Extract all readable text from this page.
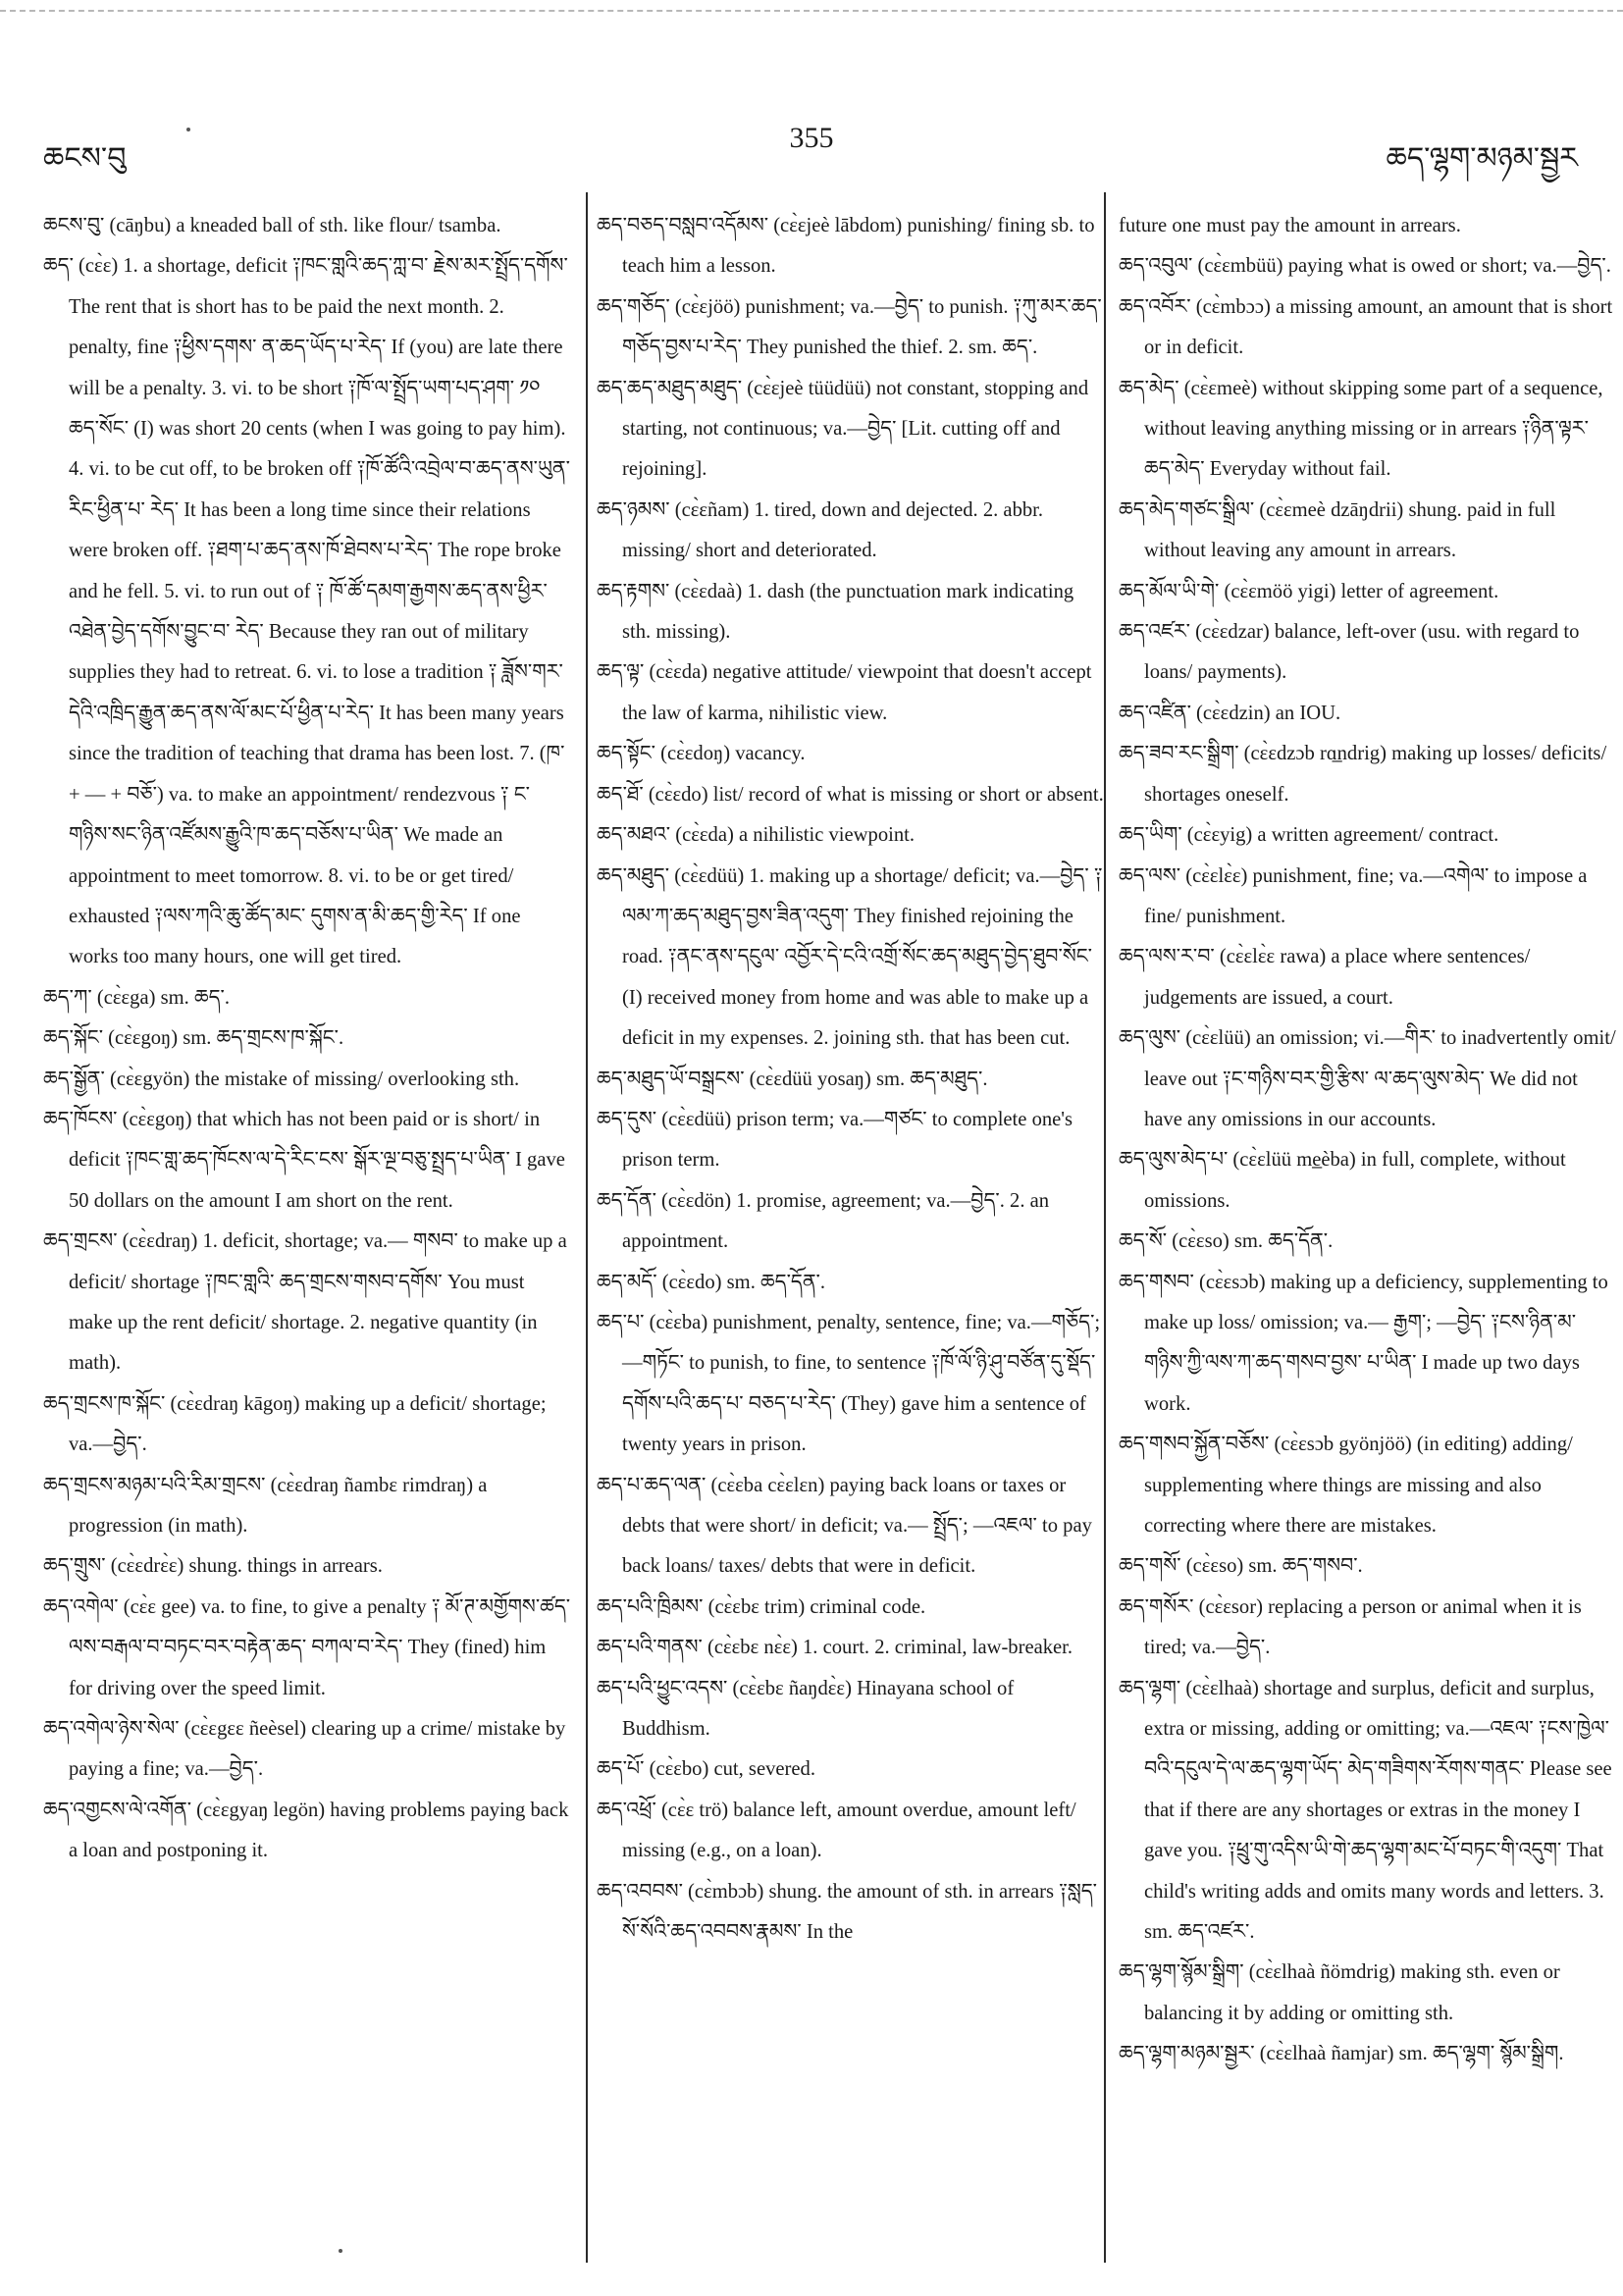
ཆངས་བུ
355
ཆད་ལྷག་མཉམ་སྦྱར

ཆངས་བུ་ (cāŋbu) a kneaded ball of sth. like flour/ tsamba.

ཆད་ (cɛ̀ɛ) 1. a shortage, deficit ༑ཁང་གླའི་ཆད་ཀླ་བ་ རྗེས་མར་སྤྲོད་དགོས་ The rent that is short has to be paid the next month. 2. penalty, fine ༑ཕྱིས་དགས་ ན་ཆད་ཡོད་པ་རེད་ If (you) are late there will be a penalty. 3. vi. to be short ༑ཁོ་ལ་སྤྲོད་ཡག་པད་ཤག་ ༡༠ ཆད་སོང་ (I) was short 20 cents (when I was going to pay him). 4. vi. to be cut off, to be broken off ༑ཁོ་ཚོའི་འབྲེལ་བ་ཆད་ནས་ཡུན་རིང་ཕྱིན་པ་ རེད་ It has been a long time since their relations were broken off. ༑ཐག་པ་ཆད་ནས་ཁོ་ཐེབས་པ་རེད་ The rope broke and he fell. 5. vi. to run out of ༑ ཁོ་ཚོ་དམག་རྒྱགས་ཆད་ནས་ཕྱིར་འཐེན་བྱེད་དགོས་བྱུང་བ་ རེད་ Because they ran out of military supplies they had to retreat. 6. vi. to lose a tradition ༑ ཟློས་གར་དེའི་འཁྲིད་རྒྱུན་ཆད་ནས་ལོ་མང་པོ་ཕྱིན་པ་རེད་ It has been many years since the tradition of teaching that drama has been lost. 7. (ཁ་+ — + བཅོ་) va. to make an appointment/ rendezvous ༑ ང་གཉིས་སང་ཉིན་འཛོམས་རྒྱུའི་ཁ་ཆད་བཅོས་པ་ཡིན་ We made an appointment to meet tomorrow. 8. vi. to be or get tired/ exhausted ༑ལས་ཀའི་ཆུ་ཚོད་མང་ དུགས་ན་མི་ཆད་གྱི་རེད་ If one works too many hours, one will get tired.

ཆད་ཀ་ (cɛ̀ɛga) sm. ཆད་.

ཆད་སྐོང་ (cɛ̀ɛgoŋ) sm. ཆད་གྲངས་ཁ་སྐོང་.

ཆད་སྒྱོན་ (cɛ̀ɛgyön) the mistake of missing/ overlooking sth.

ཆད་ཁོངས་ (cɛ̀ɛgoŋ) that which has not been paid or is short/ in deficit ༑ཁང་གླ་ཆད་ཁོངས་ལ་དེ་རིང་ངས་ སྒོར་ལྔ་བཅུ་སྤྲད་པ་ཡིན་ I gave 50 dollars on the amount I am short on the rent.

ཆད་གྲངས་ (cɛ̀ɛdraŋ) 1. deficit, shortage; va.— གསབ་ to make up a deficit/ shortage ༑ཁང་གླའི་ ཆད་གྲངས་གསབ་དགོས་ You must make up the rent deficit/ shortage. 2. negative quantity (in math).

ཆད་གྲངས་ཁ་སྐོང་ (cɛ̀ɛdraŋ kāgoŋ) making up a deficit/ shortage; va.—བྱེད་.

ཆད་གྲངས་མཉམ་པའི་རིམ་གྲངས་ (cɛ̀ɛdraŋ ñambɛ rimdraŋ) a progression (in math).

ཆད་གྲུས་ (cɛ̀ɛdrɛ̀ɛ) shung. things in arrears.

ཆད་འགེལ་ (cɛ̀ɛ gee) va. to fine, to give a penalty ༑ མོ་ཊ་མགྱོགས་ཚད་ལས་བརྒལ་བ་བཏང་བར་བརྟེན་ཆད་ བཀལ་བ་རེད་ They (fined) him for driving over the speed limit.

ཆད་འགེལ་ཉེས་སེལ་ (cɛ̀ɛgɛɛ ñeèsel) clearing up a crime/ mistake by paying a fine; va.—བྱེད་.

ཆད་འགྱངས་ལེ་འགོན་ (cɛ̀ɛgyaŋ legön) having problems paying back a loan and postponing it.

ཆད་བཅད་བསླབ་འདོམས་ (cɛ̀ɛjeè lābdom) punishing/ fining sb. to teach him a lesson.

ཆད་གཅོད་ (cɛ̀ɛjöö) punishment; va.—བྱེད་ to punish. ༑ཀུ་མར་ཆད་གཅོད་བྱས་པ་རེད་ They punished the thief. 2. sm. ཆད་.

ཆད་ཆད་མཐུད་མཐུད་ (cɛ̀ɛjeè tüüdüü) not constant, stopping and starting, not continuous; va.—བྱེད་ [Lit. cutting off and rejoining].

ཆད་ཉམས་ (cɛ̀ɛñam) 1. tired, down and dejected. 2. abbr. missing/ short and deteriorated.

ཆད་རྟགས་ (cɛ̀ɛdaà) 1. dash (the punctuation mark indicating sth. missing).

ཆད་ལྟ་ (cɛ̀ɛda) negative attitude/ viewpoint that doesn't accept the law of karma, nihilistic view.

ཆད་སྟོང་ (cɛ̀ɛdoŋ) vacancy.

ཆད་ཐོ་ (cɛ̀ɛdo) list/ record of what is missing or short or absent.

ཆད་མཐའ་ (cɛ̀ɛda) a nihilistic viewpoint.

ཆད་མཐུད་ (cɛ̀ɛdüü) 1. making up a shortage/ deficit; va.—བྱེད་ ༑ལམ་ཀ་ཆད་མཐུད་བྱས་ཟིན་འདུག་ They finished rejoining the road. ༑ནང་ནས་དངུལ་ འབྱོར་དེ་ངའི་འགྲོ་སོང་ཆད་མཐུད་བྱེད་ཐུབ་སོང་ (I) received money from home and was able to make up a deficit in my expenses. 2. joining sth. that has been cut.

ཆད་མཐུད་ཡོ་བསྒྲངས་ (cɛ̀ɛdüü yosaŋ) sm. ཆད་མཐུད་.

ཆད་དུས་ (cɛ̀ɛdüü) prison term; va.—གཙང་ to complete one's prison term.

ཆད་དོན་ (cɛ̀ɛdön) 1. promise, agreement; va.—བྱེད་. 2. an appointment.

ཆད་མདོ་ (cɛ̀ɛdo) sm. ཆད་དོན་.

ཆད་པ་ (cɛ̀ɛba) punishment, penalty, sentence, fine; va.—གཅོད་; —གཏོང་ to punish, to fine, to sentence ༑ཁོ་ལོ་ཉི་ཤུ་བཙོན་དུ་སྡོད་དགོས་པའི་ཆད་པ་ བཅད་པ་རེད་ (They) gave him a sentence of twenty years in prison.

ཆད་པ་ཆད་ལན་ (cɛ̀ɛba cɛ̀ɛlɛn) paying back loans or taxes or debts that were short/ in deficit; va.— སྤྲོད་; —འཇལ་ to pay back loans/ taxes/ debts that were in deficit.

ཆད་པའི་ཁྲིམས་ (cɛ̀ɛbɛ trim) criminal code.

ཆད་པའི་གནས་ (cɛ̀ɛbɛ nɛ̀ɛ) 1. court. 2. criminal, law-breaker.

ཆད་པའི་ཕྱུང་འདས་ (cɛ̀ɛbɛ ñaŋdɛ̀ɛ) Hinayana school of Buddhism.

ཆད་པོ་ (cɛ̀ɛbo) cut, severed.

ཆད་འཕྲོ་ (cɛ̀ɛ trö) balance left, amount overdue, amount left/ missing (e.g., on a loan).

ཆད་འབབས་ (cɛ̀mbɔb) shung. the amount of sth. in arrears ༑སླད་སོ་སོའི་ཆད་འབབས་རྣམས་ In the

future one must pay the amount in arrears.

ཆད་འབུལ་ (cɛ̀ɛmbüü) paying what is owed or short; va.—བྱེད་.

ཆད་འབོར་ (cɛ̀mbɔɔ) a missing amount, an amount that is short or in deficit.

ཆད་མེད་ (cɛ̀ɛmeè) without skipping some part of a sequence, without leaving anything missing or in arrears ༑ཉིན་ལྟར་ཆད་མེད་ Everyday without fail.

ཆད་མེད་གཙང་སྒྲིལ་ (cɛ̀ɛmeè dzāŋdrii) shung. paid in full without leaving any amount in arrears.

ཆད་མོལ་ཡི་གེ་ (cɛ̀ɛmöö yigi) letter of agreement.

ཆད་འཛར་ (cɛ̀ɛdzar) balance, left-over (usu. with regard to loans/ payments).

ཆད་འཛིན་ (cɛ̀ɛdzin) an IOU.

ཆད་ཟབ་རང་སྒྲིག་ (cɛ̀ɛdzɔb rɑ̲ndrig) making up losses/ deficits/ shortages oneself.

ཆད་ཡིག་ (cɛ̀ɛyig) a written agreement/ contract.

ཆད་ལས་ (cɛ̀ɛlɛ̀ɛ) punishment, fine; va.—འགེལ་ to impose a fine/ punishment.

ཆད་ལས་ར་བ་ (cɛ̀ɛlɛ̀ɛ rawa) a place where sentences/ judgements are issued, a court.

ཆད་ལུས་ (cɛ̀ɛlüü) an omission; vi.—གིར་ to inadvertently omit/ leave out ༑ང་གཉིས་བར་གྱི་རྩིས་ ལ་ཆད་ལུས་མེད་ We did not have any omissions in our accounts.

ཆད་ལུས་མེད་པ་ (cɛ̀ɛlüü me̲èba) in full, complete, without omissions.

ཆད་སོ་ (cɛ̀ɛso) sm. ཆད་དོན་.

ཆད་གསབ་ (cɛ̀ɛsɔb) making up a deficiency, supplementing to make up loss/ omission; va.— རྒྱག་; —བྱེད་ ༑ངས་ཉིན་མ་གཉིས་ཀྱི་ལས་ཀ་ཆད་གསབ་བྱས་ པ་ཡིན་ I made up two days work.

ཆད་གསབ་སྐྱོན་བཅོས་ (cɛ̀ɛsɔb gyönjöö) (in editing) adding/ supplementing where things are missing and also correcting where there are mistakes.

ཆད་གསོ་ (cɛ̀ɛso) sm. ཆད་གསབ་.

ཆད་གསོར་ (cɛ̀ɛsor) replacing a person or animal when it is tired; va.—བྱེད་.

ཆད་ལྷག་ (cɛ̀ɛlhaà) shortage and surplus, deficit and surplus, extra or missing, adding or omitting; va.—འཇལ་ ༑ངས་ཁྱེལ་བའི་དངུལ་དེ་ལ་ཆད་ལྷག་ཡོད་ མེད་གཟིགས་རོགས་གནང་ Please see that if there are any shortages or extras in the money I gave you. ༑ཕྲུ་གུ་འདིས་ཡི་གེ་ཆད་ལྷག་མང་པོ་བཏང་གི་འདུག་ That child's writing adds and omits many words and letters. 3. sm. ཆད་འཛར་.

ཆད་ལྷག་སྙོམ་སྒྲིག་ (cɛ̀ɛlhaà ñömdrig) making sth. even or balancing it by adding or omitting sth.

ཆད་ལྷག་མཉམ་སྦྱར་ (cɛ̀ɛlhaà ñamjar) sm. ཆད་ལྷག་ སྙོམ་སྒྲིག.
